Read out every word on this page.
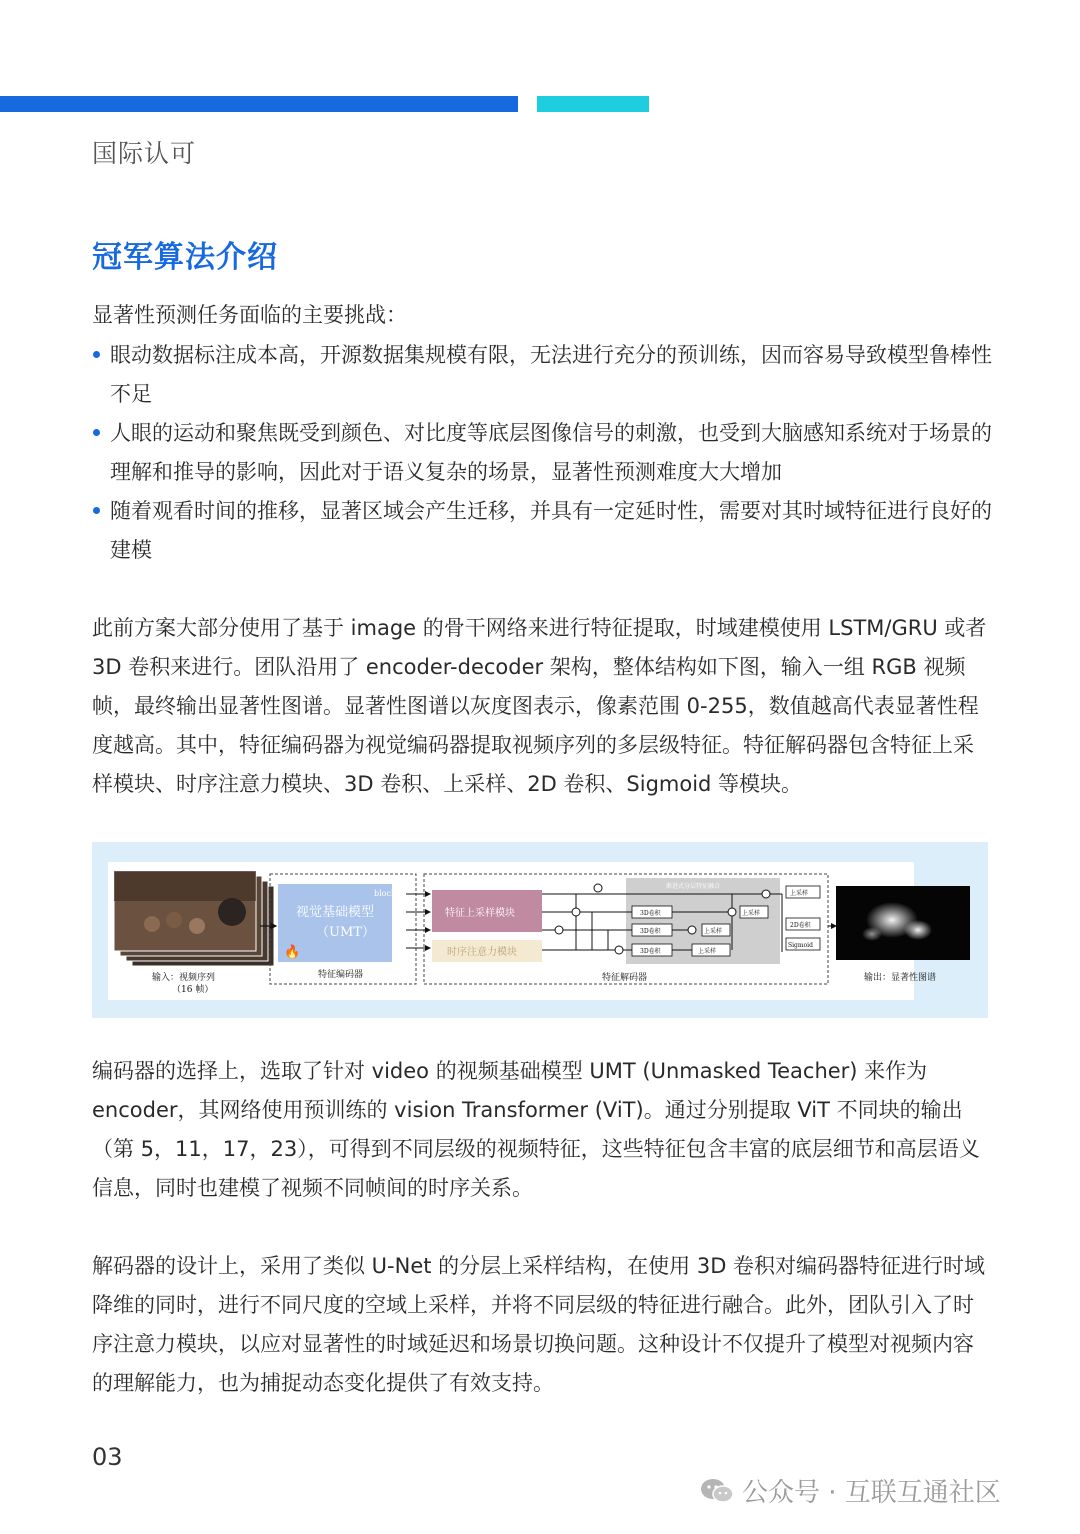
国际认可
冠军算法介绍

显著性预测任务面临的主要挑战：

眼动数据标注成本高，开源数据集规模有限，无法进行充分的预训练，因而容易导致模型鲁棒性不足
人眼的运动和聚焦既受到颜色、对比度等底层图像信号的刺激，也受到大脑感知系统对于场景的理解和推导的影响，因此对于语义复杂的场景，显著性预测难度大大增加
随着观看时间的推移，显著区域会产生迁移，并具有一定延时性，需要对其时域特征进行良好的建模

此前方案大部分使用了基于 image 的骨干网络来进行特征提取，时域建模使用 LSTM/GRU 或者 3D 卷积来进行。团队沿用了 encoder-decoder 架构，整体结构如下图，输入一组 RGB 视频帧，最终输出显著性图谱。显著性图谱以灰度图表示，像素范围 0-255，数值越高代表显著性程度越高。其中，特征编码器为视觉编码器提取视频序列的多层级特征。特征解码器包含特征上采样模块、时序注意力模块、3D 卷积、上采样、2D 卷积、Sigmoid 等模块。

输入：视频序列
（16 帧）
视觉基础模型
（UMT）
🔥
block 5
11
17
23
特征编码器
特征上采样模块
时序注意力模块
渐进式分层特征融合
3D卷积
3D卷积
3D卷积
上采样
上采样
上采样
上采样
2D卷积
Sigmoid
特征解码器	输出：显著性图谱

编码器的选择上，选取了针对 video 的视频基础模型 UMT (Unmasked Teacher) 来作为 encoder，其网络使用预训练的 vision Transformer (ViT)。通过分别提取 ViT 不同块的输出（第 5，11，17，23），可得到不同层级的视频特征，这些特征包含丰富的底层细节和高层语义信息，同时也建模了视频不同帧间的时序关系。

解码器的设计上，采用了类似 U-Net 的分层上采样结构，在使用 3D 卷积对编码器特征进行时域降维的同时，进行不同尺度的空域上采样，并将不同层级的特征进行融合。此外，团队引入了时序注意力模块，以应对显著性的时域延迟和场景切换问题。这种设计不仅提升了模型对视频内容的理解能力，也为捕捉动态变化提供了有效支持。

03
公众号 · 互联互通社区
